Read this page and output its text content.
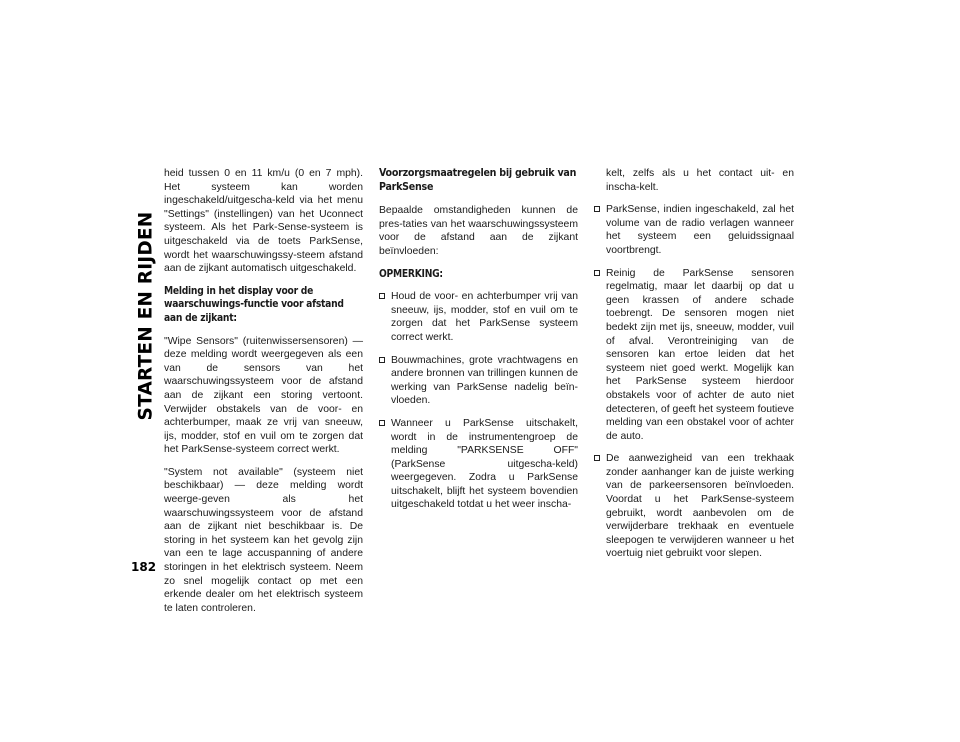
STARTEN EN RIJDEN
182

heid tussen 0 en 11 km/u (0 en 7 mph). Het systeem kan worden ingeschakeld/uitgescha-keld via het menu "Settings" (instellingen) van het Uconnect systeem. Als het Park-Sense-systeem is uitgeschakeld via de toets ParkSense, wordt het waarschuwingssy-steem afstand aan de zijkant automatisch uitgeschakeld.

Melding in het display voor de waarschuwings-functie voor afstand aan de zijkant:

"Wipe Sensors" (ruitenwissersensoren) — deze melding wordt weergegeven als een van de sensors van het waarschuwingssysteem voor de afstand aan de zijkant een storing vertoont. Verwijder obstakels van de voor- en achterbumper, maak ze vrij van sneeuw, ijs, modder, stof en vuil om te zorgen dat het ParkSense-systeem correct werkt.

"System not available" (systeem niet beschikbaar) — deze melding wordt weerge-geven als het waarschuwingssysteem voor de afstand aan de zijkant niet beschikbaar is. De storing in het systeem kan het gevolg zijn van een te lage accuspanning of andere storingen in het elektrisch systeem. Neem zo snel mogelijk contact op met een erkende dealer om het elektrisch systeem te laten controleren.

Voorzorgsmaatregelen bij gebruik van ParkSense

Bepaalde omstandigheden kunnen de pres-taties van het waarschuwingssysteem voor de afstand aan de zijkant beïnvloeden:

OPMERKING:

Houd de voor- en achterbumper vrij van sneeuw, ijs, modder, stof en vuil om te zorgen dat het ParkSense systeem correct werkt.

Bouwmachines, grote vrachtwagens en andere bronnen van trillingen kunnen de werking van ParkSense nadelig beïn-vloeden.

Wanneer u ParkSense uitschakelt, wordt in de instrumentengroep de melding "PARKSENSE OFF" (ParkSense uitgescha-keld) weergegeven. Zodra u ParkSense uitschakelt, blijft het systeem bovendien uitgeschakeld totdat u het weer inscha-

kelt, zelfs als u het contact uit- en inscha-kelt.

ParkSense, indien ingeschakeld, zal het volume van de radio verlagen wanneer het systeem een geluidssignaal voortbrengt.

Reinig de ParkSense sensoren regelmatig, maar let daarbij op dat u geen krassen of andere schade toebrengt. De sensoren mogen niet bedekt zijn met ijs, sneeuw, modder, vuil of afval. Verontreiniging van de sensoren kan ertoe leiden dat het systeem niet goed werkt. Mogelijk kan het ParkSense systeem hierdoor obstakels voor of achter de auto niet detecteren, of geeft het systeem foutieve melding van een obstakel voor of achter de auto.

De aanwezigheid van een trekhaak zonder aanhanger kan de juiste werking van de parkeersensoren beïnvloeden. Voordat u het ParkSense-systeem gebruikt, wordt aanbevolen om de verwijderbare trekhaak en eventuele sleepogen te verwijderen wanneer u het voertuig niet gebruikt voor slepen.
